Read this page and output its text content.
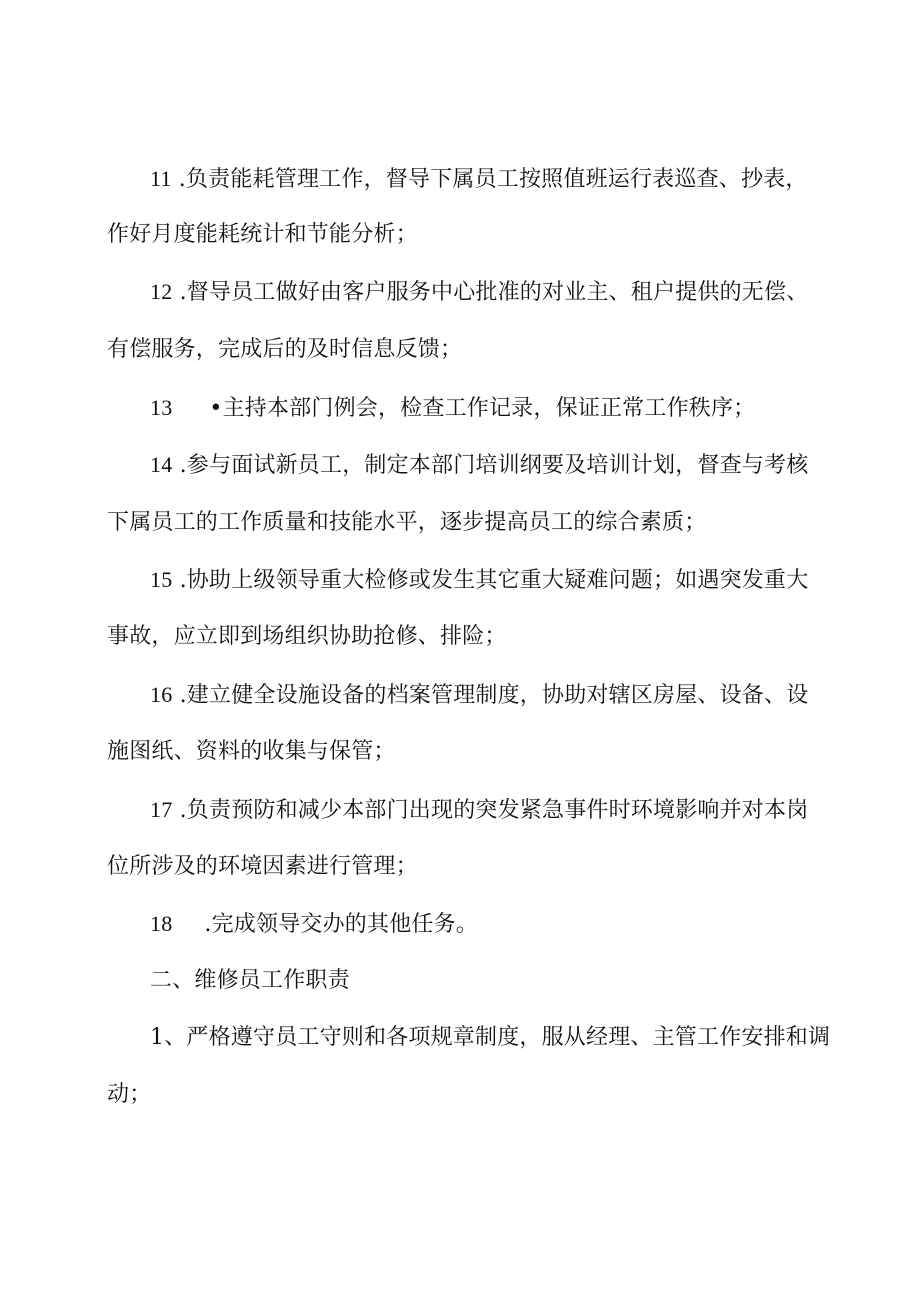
11 .负责能耗管理工作，督导下属员工按照值班运行表巡查、抄表，
作好月度能耗统计和节能分析；
12 .督导员工做好由客户服务中心批准的对业主、租户提供的无偿、
有偿服务，完成后的及时信息反馈；
13 •主持本部门例会，检查工作记录，保证正常工作秩序；
14 .参与面试新员工，制定本部门培训纲要及培训计划，督查与考核
下属员工的工作质量和技能水平，逐步提高员工的综合素质；
15 .协助上级领导重大检修或发生其它重大疑难问题；如遇突发重大
事故，应立即到场组织协助抢修、排险；
16 .建立健全设施设备的档案管理制度，协助对辖区房屋、设备、设
施图纸、资料的收集与保管；
17 .负责预防和减少本部门出现的突发紧急事件时环境影响并对本岗
位所涉及的环境因素进行管理；
18 .完成领导交办的其他任务。
二、维修员工作职责
1、严格遵守员工守则和各项规章制度，服从经理、主管工作安排和调
动；
